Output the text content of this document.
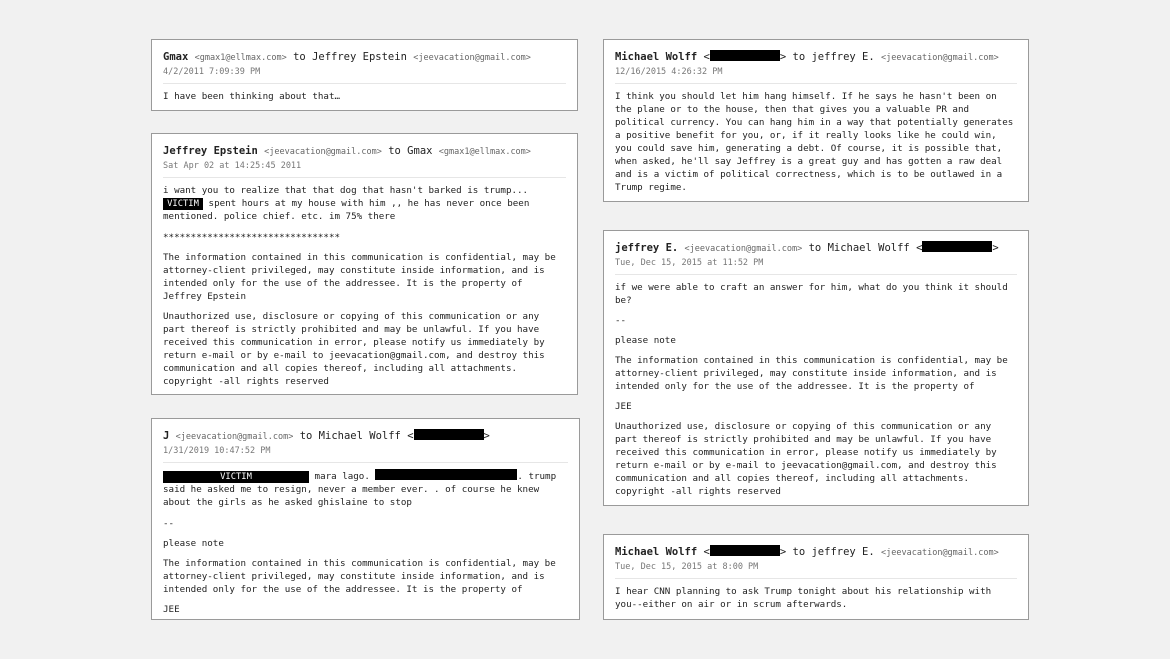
Gmax <gmax1@ellmax.com> to Jeffrey Epstein <jeevacation@gmail.com>
4/2/2011 7:09:39 PM

I have been thinking about that…

Jeffrey Epstein <jeevacation@gmail.com> to Gmax <gmax1@ellmax.com>
Sat Apr 02 at 14:25:45 2011

i want you to realize that that dog that hasn't barked is trump...
VICTIM spent hours at my house with him ,, he has never once been
mentioned. police chief. etc. im 75% there

********************************

The information contained in this communication is confidential, may be
attorney-client privileged, may constitute inside information, and is
intended only for the use of the addressee. It is the property of
Jeffrey Epstein

Unauthorized use, disclosure or copying of this communication or any
part thereof is strictly prohibited and may be unlawful. If you have
received this communication in error, please notify us immediately by
return e-mail or by e-mail to jeevacation@gmail.com, and destroy this
communication and all copies thereof, including all attachments.
copyright -all rights reserved

J <jeevacation@gmail.com> to Michael Wolff <	>
1/31/2019 10:47:52 PM

VICTIM	mara lago.	. trump
said he asked me to resign, never a member ever. . of course he knew
about the girls as he asked ghislaine to stop

--

please note

The information contained in this communication is confidential, may be
attorney-client privileged, may constitute inside information, and is
intended only for the use of the addressee. It is the property of

JEE

Michael Wolff <	> to jeffrey E. <jeevacation@gmail.com>
12/16/2015 4:26:32 PM

I think you should let him hang himself. If he says he hasn't been on
the plane or to the house, then that gives you a valuable PR and
political currency. You can hang him in a way that potentially generates
a positive benefit for you, or, if it really looks like he could win,
you could save him, generating a debt. Of course, it is possible that,
when asked, he'll say Jeffrey is a great guy and has gotten a raw deal
and is a victim of political correctness, which is to be outlawed in a
Trump regime.

jeffrey E. <jeevacation@gmail.com> to Michael Wolff <	>
Tue, Dec 15, 2015 at 11:52 PM

if we were able to craft an answer for him, what do you think it should
be?

--

please note

The information contained in this communication is confidential, may be
attorney-client privileged, may constitute inside information, and is
intended only for the use of the addressee. It is the property of

JEE

Unauthorized use, disclosure or copying of this communication or any
part thereof is strictly prohibited and may be unlawful. If you have
received this communication in error, please notify us immediately by
return e-mail or by e-mail to jeevacation@gmail.com, and destroy this
communication and all copies thereof, including all attachments.
copyright -all rights reserved

Michael Wolff <	> to jeffrey E. <jeevacation@gmail.com>
Tue, Dec 15, 2015 at 8:00 PM

I hear CNN planning to ask Trump tonight about his relationship with
you--either on air or in scrum afterwards.
